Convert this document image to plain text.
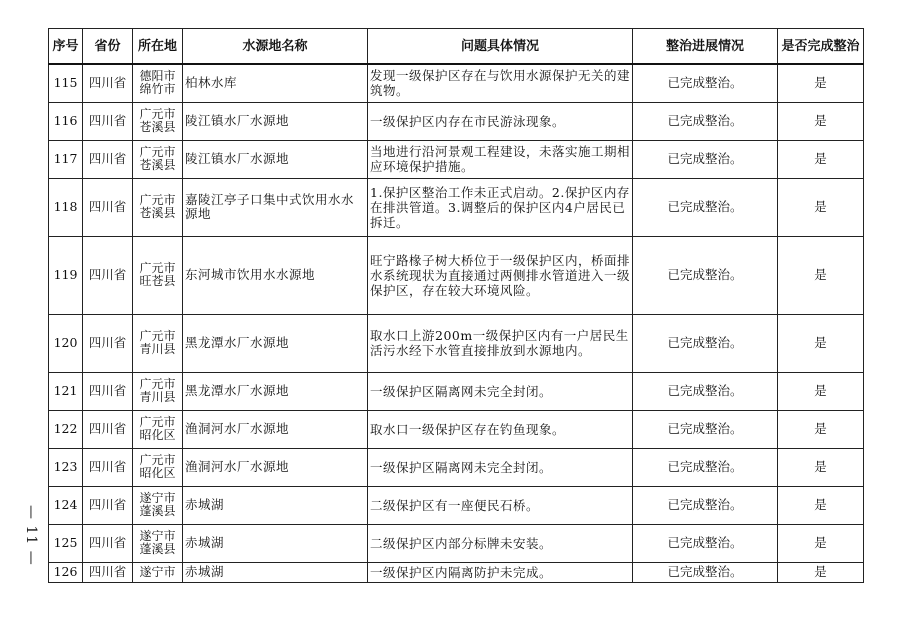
— 11 —
序号	省份	所在地	水源地名称	问题具体情况	整治进展情况	是否完成整治
115	四川省	德阳市绵竹市	柏林水库	发现一级保护区存在与饮用水源保护无关的建筑物。	已完成整治。	是
116	四川省	广元市苍溪县	陵江镇水厂水源地	一级保护区内存在市民游泳现象。	已完成整治。	是
117	四川省	广元市苍溪县	陵江镇水厂水源地	当地进行沿河景观工程建设，未落实施工期相应环境保护措施。	已完成整治。	是
118	四川省	广元市苍溪县	嘉陵江亭子口集中式饮用水水源地	1.保护区整治工作未正式启动。2.保护区内存在排洪管道。3.调整后的保护区内4户居民已拆迁。	已完成整治。	是
119	四川省	广元市旺苍县	东河城市饮用水水源地	旺宁路椽子树大桥位于一级保护区内，桥面排水系统现状为直接通过两侧排水管道进入一级保护区，存在较大环境风险。	已完成整治。	是
120	四川省	广元市青川县	黑龙潭水厂水源地	取水口上游200m一级保护区内有一户居民生活污水经下水管直接排放到水源地内。	已完成整治。	是
121	四川省	广元市青川县	黑龙潭水厂水源地	一级保护区隔离网未完全封闭。	已完成整治。	是
122	四川省	广元市昭化区	渔洞河水厂水源地	取水口一级保护区存在钓鱼现象。	已完成整治。	是
123	四川省	广元市昭化区	渔洞河水厂水源地	一级保护区隔离网未完全封闭。	已完成整治。	是
124	四川省	遂宁市蓬溪县	赤城湖	二级保护区有一座便民石桥。	已完成整治。	是
125	四川省	遂宁市蓬溪县	赤城湖	二级保护区内部分标牌未安装。	已完成整治。	是
126	四川省	遂宁市	赤城湖	一级保护区内隔离防护未完成。	已完成整治。	是
